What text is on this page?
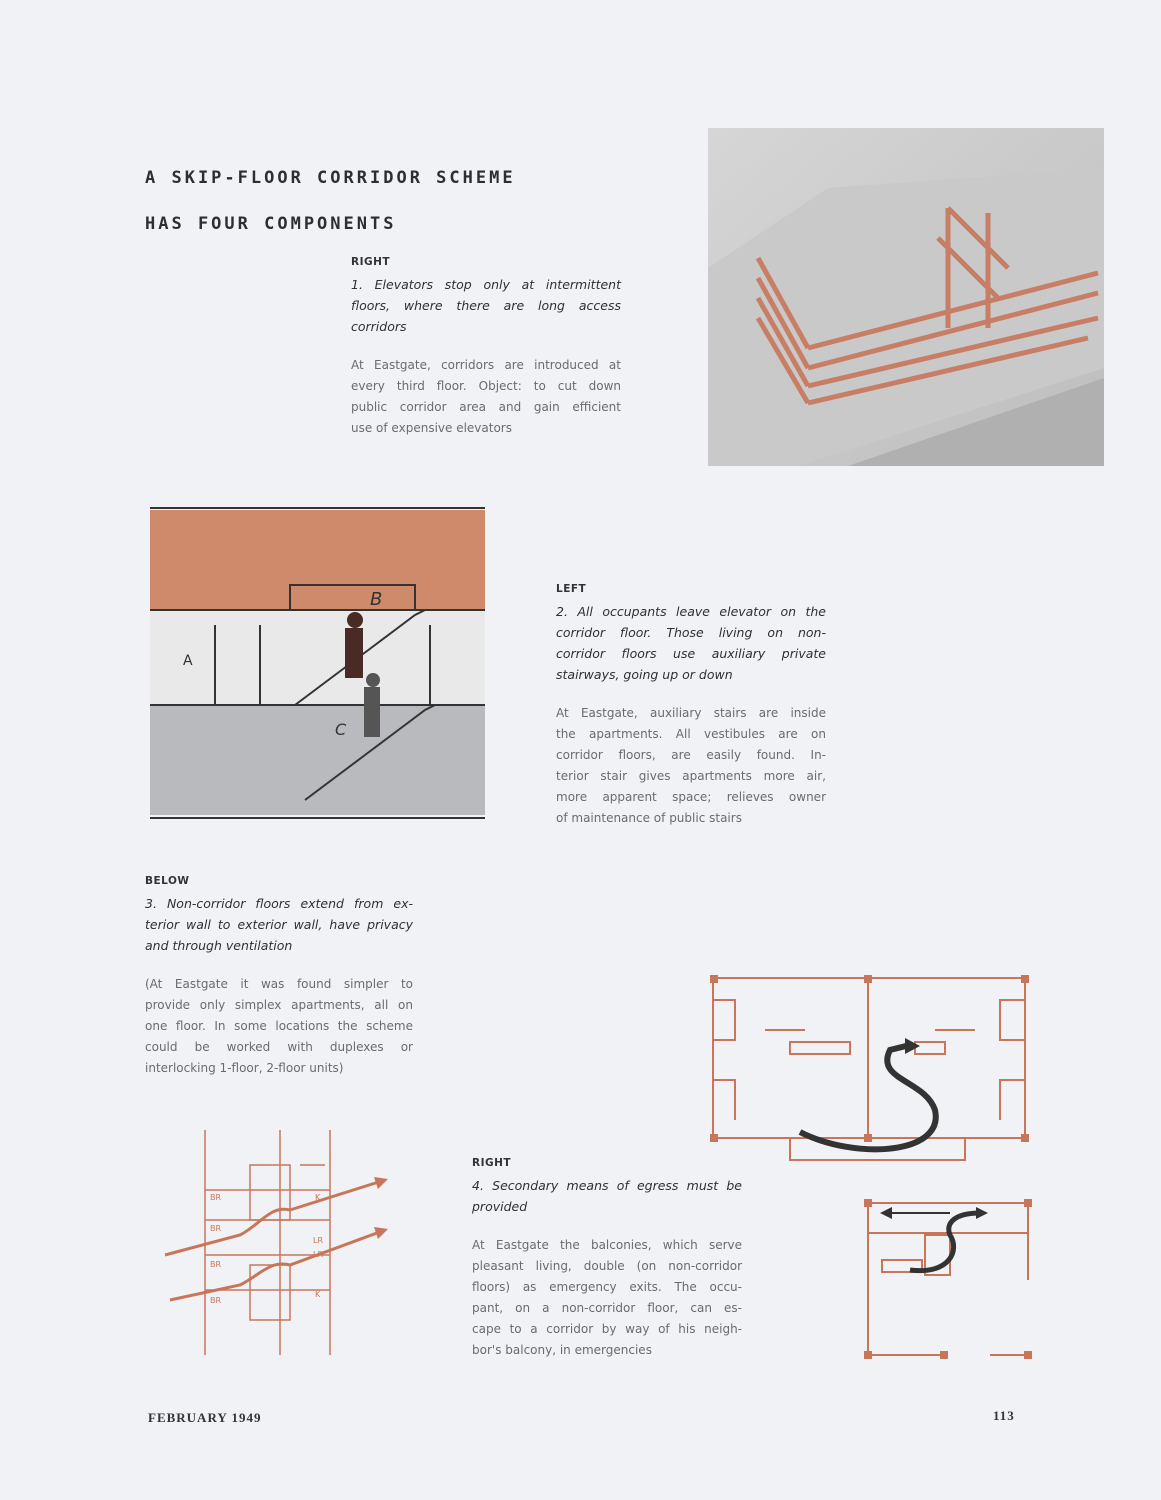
A SKIP-FLOOR CORRIDOR SCHEME
HAS FOUR COMPONENTS
RIGHT
1. Elevators stop only at intermittent
floors, where there are long access
corridors
At Eastgate, corridors are introduced at
every third floor. Object: to cut down
public corridor area and gain efficient
use of expensive elevators
B
A
C
LEFT
2. All occupants leave elevator on the
corridor floor. Those living on non-
corridor floors use auxiliary private
stairways, going up or down
At Eastgate, auxiliary stairs are inside
the apartments. All vestibules are on
corridor floors, are easily found. In-
terior stair gives apartments more air,
more apparent space; relieves owner
of maintenance of public stairs
BELOW
3. Non-corridor floors extend from ex-
terior wall to exterior wall, have privacy
and through ventilation
(At Eastgate it was found simpler to
provide only simplex apartments, all on
one floor. In some locations the scheme
could be worked with duplexes or
interlocking 1-floor, 2-floor units)
RIGHT
4. Secondary means of egress must be
provided
At Eastgate the balconies, which serve
pleasant living, double (on non-corridor
floors) as emergency exits. The occu-
pant, on a non-corridor floor, can es-
cape to a corridor by way of his neigh-
bor's balcony, in emergencies
BR
BR
BR
BR
K
LR
LR
K
FEBRUARY 1949	113
